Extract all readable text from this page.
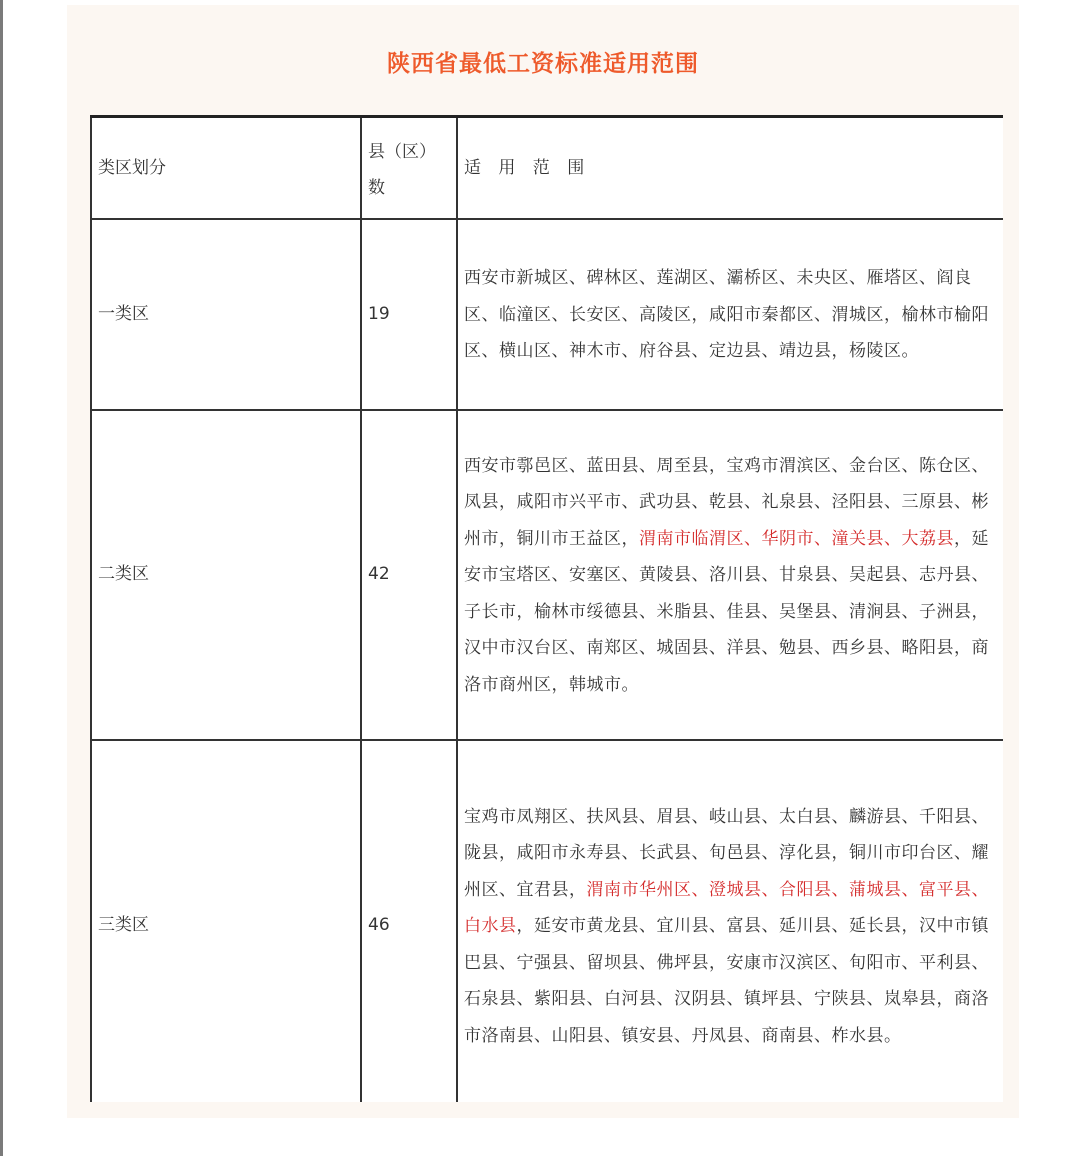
陕西省最低工资标准适用范围
类区划分	县（区）数	适 用 范 围
一类区	19	西安市新城区、碑林区、莲湖区、灞桥区、未央区、雁塔区、阎良区、临潼区、长安区、高陵区，咸阳市秦都区、渭城区，榆林市榆阳区、横山区、神木市、府谷县、定边县、靖边县，杨陵区。
二类区	42	西安市鄠邑区、蓝田县、周至县，宝鸡市渭滨区、金台区、陈仓区、凤县，咸阳市兴平市、武功县、乾县、礼泉县、泾阳县、三原县、彬州市，铜川市王益区，渭南市临渭区、华阴市、潼关县、大荔县，延安市宝塔区、安塞区、黄陵县、洛川县、甘泉县、吴起县、志丹县、子长市，榆林市绥德县、米脂县、佳县、吴堡县、清涧县、子洲县，汉中市汉台区、南郑区、城固县、洋县、勉县、西乡县、略阳县，商洛市商州区，韩城市。
三类区	46	宝鸡市凤翔区、扶风县、眉县、岐山县、太白县、麟游县、千阳县、陇县，咸阳市永寿县、长武县、旬邑县、淳化县，铜川市印台区、耀州区、宜君县，渭南市华州区、澄城县、合阳县、蒲城县、富平县、白水县，延安市黄龙县、宜川县、富县、延川县、延长县，汉中市镇巴县、宁强县、留坝县、佛坪县，安康市汉滨区、旬阳市、平利县、石泉县、紫阳县、白河县、汉阴县、镇坪县、宁陕县、岚皋县，商洛市洛南县、山阳县、镇安县、丹凤县、商南县、柞水县。
